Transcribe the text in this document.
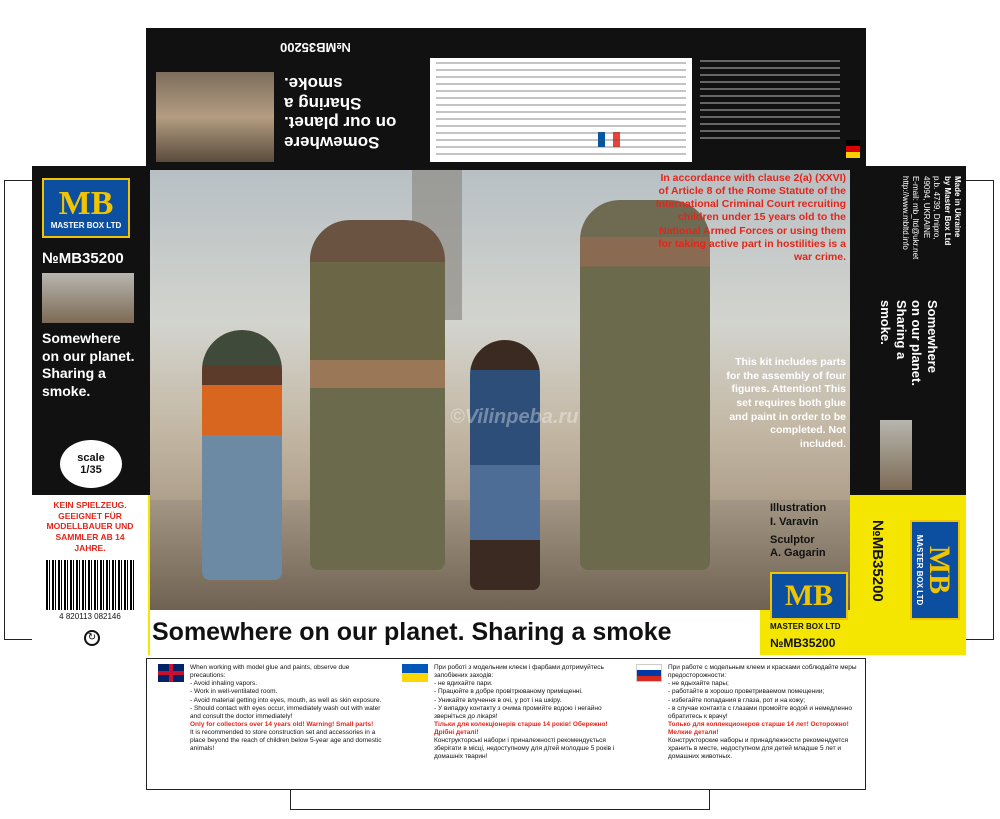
Somewhere
on our planet.
Sharing a smoke.
№MB35200
©Vilinpeba.ru
In accordance with clause 2(a) (XXVI) of Article 8 of the Rome Statute of the International Criminal Court recruiting children under 15 years old to the National Armed Forces or using them for taking active part in hostilities is a war crime.
This kit includes parts for the assembly of four figures. Attention! This set requires both glue and paint in order to be completed. Not included.
MB
MASTER BOX LTD
№MB35200
Somewhere
on our planet.
Sharing a
smoke.
scale
1/35
KEIN SPIELZEUG. GEEIGNET FÜR MODELLBAUER UND SAMMLER AB 14 JAHRE.
4 820113 082146
↻ Somewhere on our planet. Sharing a smoke
Illustration
I. Varavin
Sculptor
A. Gagarin
MB
MASTER BOX LTD
№MB35200
Made in Ukraine
by Master Box Ltd
p.b. 4739, Dnipro,
49094, UKRAINE
E-mail: mb_ltd@ukr.net
http://www.mbltd.info
Somewhere
on our planet.
Sharing a
smoke.
MB
MASTER BOX LTD
№MB35200
When working with model glue and paints, observe due precautions:
- Avoid inhaling vapors.
- Work in well-ventilated room.
- Avoid material getting into eyes, mouth, as well as skin exposure.
- Should contact with eyes occur, immediately wash out with water and consult the doctor immediately!
Only for collectors over 14 years old! Warning! Small parts!
It is recommended to store construction set and accessories in a place beyond the reach of children below 5-year age and domestic animals!
При роботі з модельним клеєм і фарбами дотримуйтесь запобіжних заходів:
- не вдихайте пари.
- Працюйте в добре провітрюваному приміщенні.
- Уникайте влучення в очі, у рот і на шкіру.
- У випадку контакту з очима промийте водою і негайно зверніться до лікаря!
Тільки для колекціонерів старше 14 років! Обережно! Дрібні деталі!
Конструкторські набори і приналежності рекомендується зберігати в місці, недоступному для дітей молодше 5 років і домашніх тварин!
При работе с модельным клеем и красками соблюдайте меры предосторожности:
- не вдыхайте пары;
- работайте в хорошо проветриваемом помещении;
- избегайте попадания в глаза, рот и на кожу;
- в случае контакта с глазами промойте водой и немедленно обратитесь к врачу!
Только для коллекционеров старше 14 лет! Осторожно! Мелкие детали!
Конструкторские наборы и принадлежности рекомендуется хранить в месте, недоступном для детей младше 5 лет и домашних животных.
